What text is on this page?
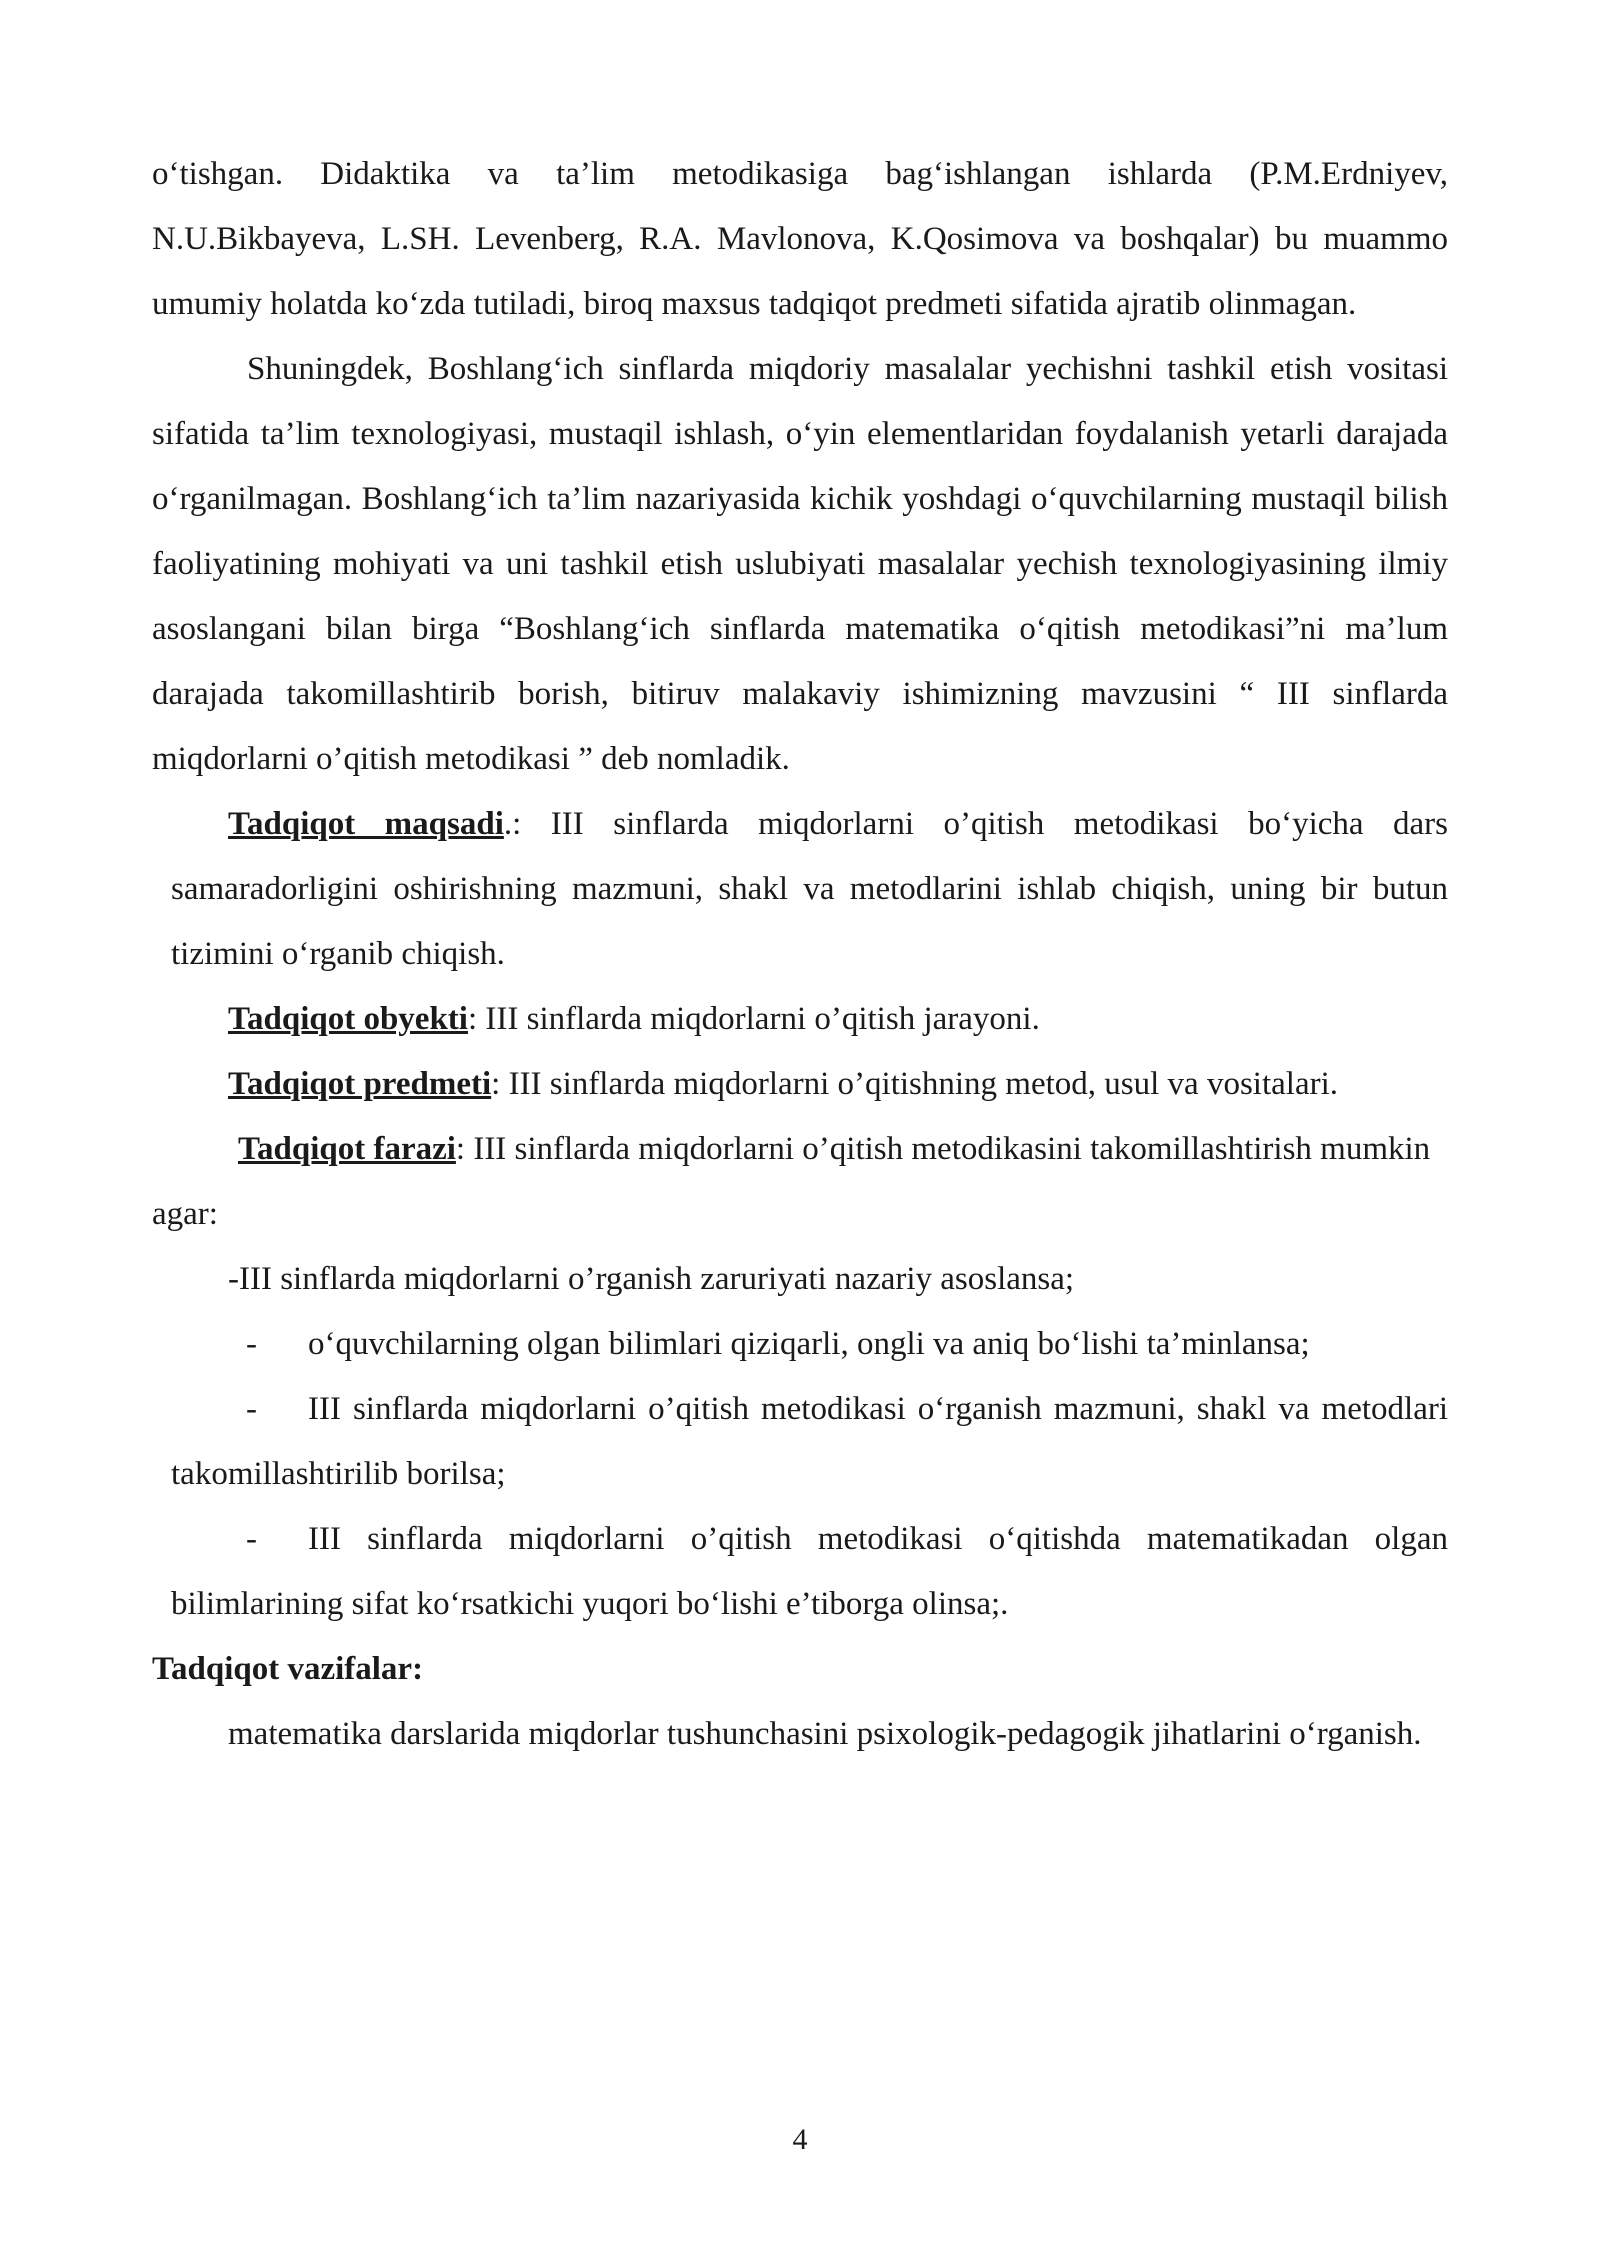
o‘tishgan. Didaktika va ta’lim metodikasiga bag‘ishlangan ishlarda (P.M.Erdniyev, N.U.Bikbayeva, L.SH. Levenberg, R.A. Mavlonova, K.Qosimova va boshqalar) bu muammo umumiy holatda ko‘zda tutiladi, biroq maxsus tadqiqot predmeti sifatida ajratib olinmagan.

Shuningdek, Boshlang‘ich sinflarda miqdoriy masalalar yechishni tashkil etish vositasi sifatida ta’lim texnologiyasi, mustaqil ishlash, o‘yin elementlaridan foydalanish yetarli darajada o‘rganilmagan. Boshlang‘ich ta’lim nazariyasida kichik yoshdagi o‘quvchilarning mustaqil bilish faoliyatining mohiyati va uni tashkil etish uslubiyati masalalar yechish texnologiyasining ilmiy asoslangani bilan birga “Boshlang‘ich sinflarda matematika o‘qitish metodikasi”ni ma’lum darajada takomillashtirib borish, bitiruv malakaviy ishimizning mavzusini “ III sinflarda miqdorlarni o’qitish metodikasi ” deb nomladik.

Tadqiqot maqsadi.: III sinflarda miqdorlarni o’qitish metodikasi bo‘yicha dars samaradorligini oshirishning mazmuni, shakl va metodlarini ishlab chiqish, uning bir butun tizimini o‘rganib chiqish.

Tadqiqot obyekti: III sinflarda miqdorlarni o’qitish jarayoni.

Tadqiqot predmeti: III sinflarda miqdorlarni o’qitishning metod, usul va vositalari.

Tadqiqot farazi: III sinflarda miqdorlarni o’qitish metodikasini takomillashtirish mumkin agar:

-III sinflarda miqdorlarni o’rganish zaruriyati nazariy asoslansa;

- o‘quvchilarning olgan bilimlari qiziqarli, ongli va aniq bo‘lishi ta’minlansa;

- III sinflarda miqdorlarni o’qitish metodikasi o‘rganish mazmuni, shakl va metodlari takomillashtirilib borilsa;

- III sinflarda miqdorlarni o’qitish metodikasi o‘qitishda matematikadan olgan bilimlarining sifat ko‘rsatkichi yuqori bo‘lishi e’tiborga olinsa;.

Tadqiqot vazifalar:

matematika darslarida miqdorlar tushunchasini psixologik-pedagogik jihatlarini o‘rganish.

4
